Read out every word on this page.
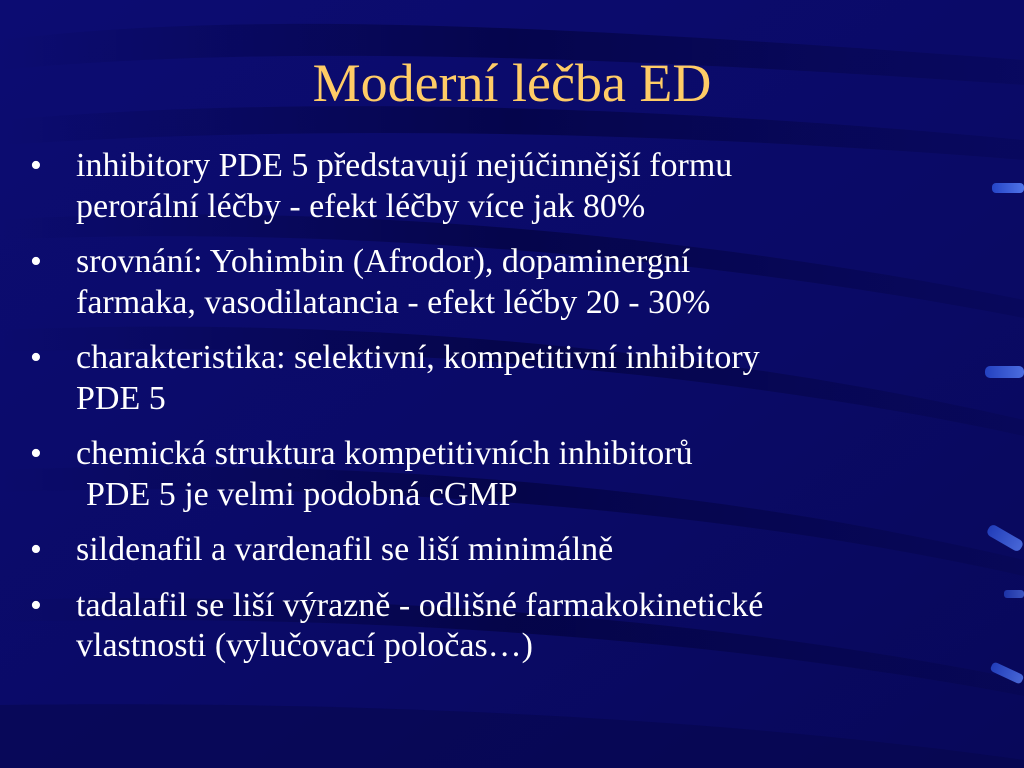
Moderní léčba ED
• inhibitory PDE 5 představují nejúčinnější formu
perorální léčby - efekt léčby více jak 80%
• srovnání: Yohimbin (Afrodor), dopaminergní
farmaka, vasodilatancia - efekt léčby 20 - 30%
• charakteristika: selektivní, kompetitivní inhibitory
PDE 5
• chemická struktura kompetitivních inhibitorů
PDE 5 je velmi podobná cGMP
• sildenafil a vardenafil se liší minimálně
• tadalafil se liší výrazně - odlišné farmakokinetické
vlastnosti (vylučovací poločas…)
